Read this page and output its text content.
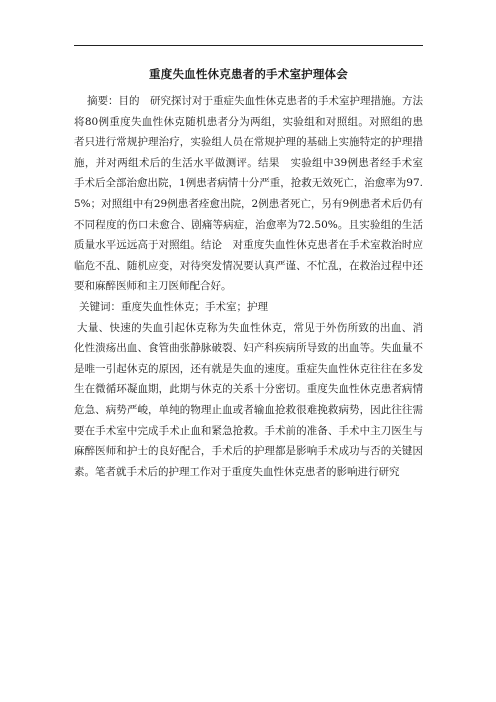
重度失血性休克患者的手术室护理体会

摘要：目的　研究探讨对于重症失血性休克患者的手术室护理措施。方法　将80例重度失血性休克随机患者分为两组，实验组和对照组。对照组的患者只进行常规护理治疗，实验组人员在常规护理的基础上实施特定的护理措施，并对两组术后的生活水平做测评。结果　实验组中39例患者经手术室手术后全部治愈出院，1例患者病情十分严重，抢救无效死亡，治愈率为97.5%；对照组中有29例患者痊愈出院，2例患者死亡，另有9例患者术后仍有不同程度的伤口未愈合、剧痛等病症，治愈率为72.50%。且实验组的生活质量水平远远高于对照组。结论　对重度失血性休克患者在手术室救治时应临危不乱、随机应变，对待突发情况要认真严谨、不忙乱，在救治过程中还要和麻醉医师和主刀医师配合好。

关键词：重度失血性休克；手术室；护理

大量、快速的失血引起休克称为失血性休克，常见于外伤所致的出血、消化性溃疡出血、食管曲张静脉破裂、妇产科疾病所导致的出血等。失血量不是唯一引起休克的原因，还有就是失血的速度。重症失血性休克往往在多发生在微循环凝血期，此期与休克的关系十分密切。重度失血性休克患者病情危急、病势严峻，单纯的物理止血或者输血抢救很难挽救病势，因此往往需要在手术室中完成手术止血和紧急抢救。手术前的准备、手术中主刀医生与麻醉医师和护士的良好配合，手术后的护理都是影响手术成功与否的关键因素。笔者就手术后的护理工作对于重度失血性休克患者的影响进行研究
